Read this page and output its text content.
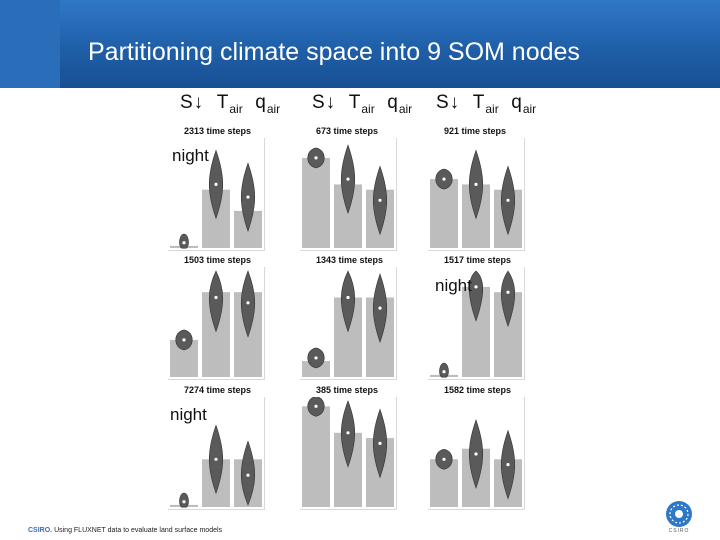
Partitioning climate space into 9 SOM nodes
S↓ $T_{air}$ $q_{air}$ S↓ $T_{air}$ $q_{air}$ S↓ $T_{air}$ $q_{air}$
2313 time steps	673 time steps	921 time steps
1503 time steps	1343 time steps	1517 time steps
7274 time steps	385 time steps	1582 time steps
night
night
night
CSIRO. Using FLUXNET data to evaluate land surface models	CSIRO
